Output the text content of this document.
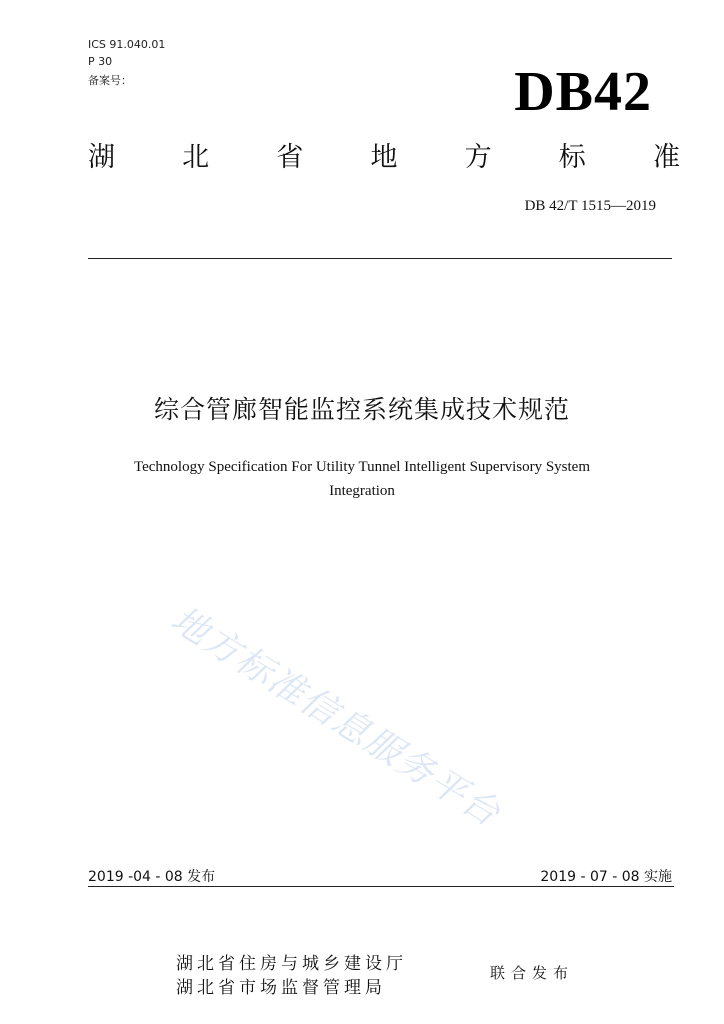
ICS 91.040.01
P 30
备案号：	DB42
湖 北 省 地 方 标 准
DB 42/T 1515—2019
综合管廊智能监控系统集成技术规范
Technology Specification For Utility Tunnel Intelligent Supervisory System
Integration
地方标准信息服务平台
2019 -04 - 08 发布	2019 - 07 - 08 实施
湖北省住房与城乡建设厅
湖北省市场监督管理局
联合发布
